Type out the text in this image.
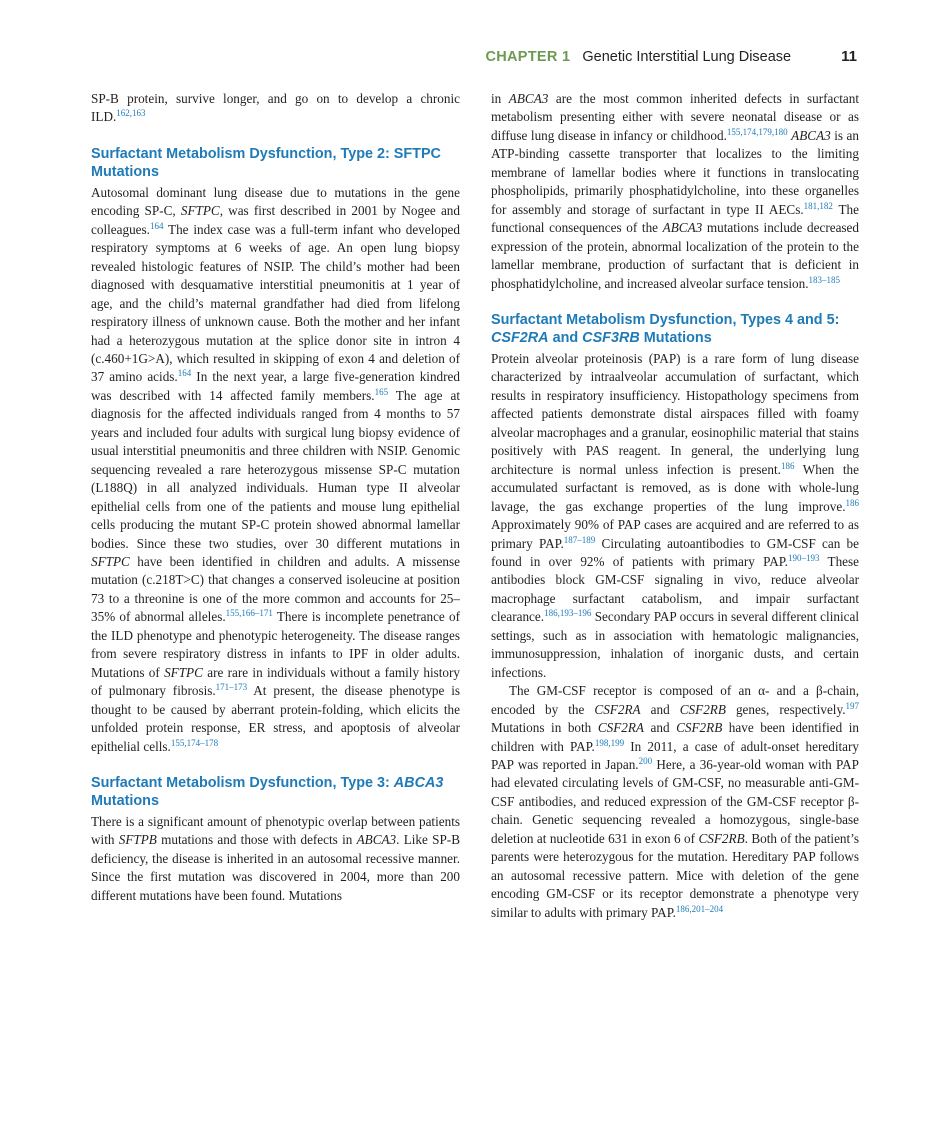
CHAPTER 1 Genetic Interstitial Lung Disease	11

SP-B protein, survive longer, and go on to develop a chronic ILD.$^{162,163}$

Surfactant Metabolism Dysfunction, Type 2: SFTPC Mutations

Autosomal dominant lung disease due to mutations in the gene encoding SP-C, SFTPC, was first described in 2001 by Nogee and colleagues.$^{164}$ The index case was a full-term infant who developed respiratory symptoms at 6 weeks of age. An open lung biopsy revealed histologic features of NSIP. The child’s mother had been diagnosed with desquamative interstitial pneumonitis at 1 year of age, and the child’s maternal grandfather had died from lifelong respiratory illness of unknown cause. Both the mother and her infant had a heterozygous mutation at the splice donor site in intron 4 (c.460+1G>A), which resulted in skipping of exon 4 and deletion of 37 amino acids.$^{164}$ In the next year, a large five-generation kindred was described with 14 affected family members.$^{165}$ The age at diagnosis for the affected individuals ranged from 4 months to 57 years and included four adults with surgical lung biopsy evidence of usual interstitial pneumonitis and three children with NSIP. Genomic sequencing revealed a rare heterozygous missense SP-C mutation (L188Q) in all analyzed individuals. Human type II alveolar epithelial cells from one of the patients and mouse lung epithelial cells producing the mutant SP-C protein showed abnormal lamellar bodies. Since these two studies, over 30 different mutations in SFTPC have been identified in children and adults. A missense mutation (c.218T>C) that changes a conserved isoleucine at position 73 to a threonine is one of the more common and accounts for 25–35% of abnormal alleles.$^{155,166-171}$ There is incomplete penetrance of the ILD phenotype and phenotypic heterogeneity. The disease ranges from severe respiratory distress in infants to IPF in older adults. Mutations of SFTPC are rare in individuals without a family history of pulmonary fibrosis.$^{171-173}$ At present, the disease phenotype is thought to be caused by aberrant protein-folding, which elicits the unfolded protein response, ER stress, and apoptosis of alveolar epithelial cells.$^{155,174-178}$

Surfactant Metabolism Dysfunction, Type 3: ABCA3 Mutations

There is a significant amount of phenotypic overlap between patients with SFTPB mutations and those with defects in ABCA3. Like SP-B deficiency, the disease is inherited in an autosomal recessive manner. Since the first mutation was discovered in 2004, more than 200 different mutations have been found. Mutations

in ABCA3 are the most common inherited defects in surfactant metabolism presenting either with severe neonatal disease or as diffuse lung disease in infancy or childhood.$^{155,174,179,180}$ ABCA3 is an ATP-binding cassette transporter that localizes to the limiting membrane of lamellar bodies where it functions in translocating phospholipids, primarily phosphatidylcholine, into these organelles for assembly and storage of surfactant in type II AECs.$^{181,182}$ The functional consequences of the ABCA3 mutations include decreased expression of the protein, abnormal localization of the protein to the lamellar membrane, production of surfactant that is deficient in phosphatidylcholine, and increased alveolar surface tension.$^{183-185}$

Surfactant Metabolism Dysfunction, Types 4 and 5: CSF2RA and CSF3RB Mutations

Protein alveolar proteinosis (PAP) is a rare form of lung disease characterized by intraalveolar accumulation of surfactant, which results in respiratory insufficiency. Histopathology specimens from affected patients demonstrate distal airspaces filled with foamy alveolar macrophages and a granular, eosinophilic material that stains positively with PAS reagent. In general, the underlying lung architecture is normal unless infection is present.$^{186}$ When the accumulated surfactant is removed, as is done with whole-lung lavage, the gas exchange properties of the lung improve.$^{186}$ Approximately 90% of PAP cases are acquired and are referred to as primary PAP.$^{187-189}$ Circulating autoantibodies to GM-CSF can be found in over 92% of patients with primary PAP.$^{190-193}$ These antibodies block GM-CSF signaling in vivo, reduce alveolar macrophage surfactant catabolism, and impair surfactant clearance.$^{186,193-196}$ Secondary PAP occurs in several different clinical settings, such as in association with hematologic malignancies, immunosuppression, inhalation of inorganic dusts, and certain infections.

The GM-CSF receptor is composed of an α- and a β-chain, encoded by the CSF2RA and CSF2RB genes, respectively.$^{197}$ Mutations in both CSF2RA and CSF2RB have been identified in children with PAP.$^{198,199}$ In 2011, a case of adult-onset hereditary PAP was reported in Japan.$^{200}$ Here, a 36-year-old woman with PAP had elevated circulating levels of GM-CSF, no measurable anti-GM-CSF antibodies, and reduced expression of the GM-CSF receptor β-chain. Genetic sequencing revealed a homozygous, single-base deletion at nucleotide 631 in exon 6 of CSF2RB. Both of the patient’s parents were heterozygous for the mutation. Hereditary PAP follows an autosomal recessive pattern. Mice with deletion of the gene encoding GM-CSF or its receptor demonstrate a phenotype very similar to adults with primary PAP.$^{186,201-204}$
